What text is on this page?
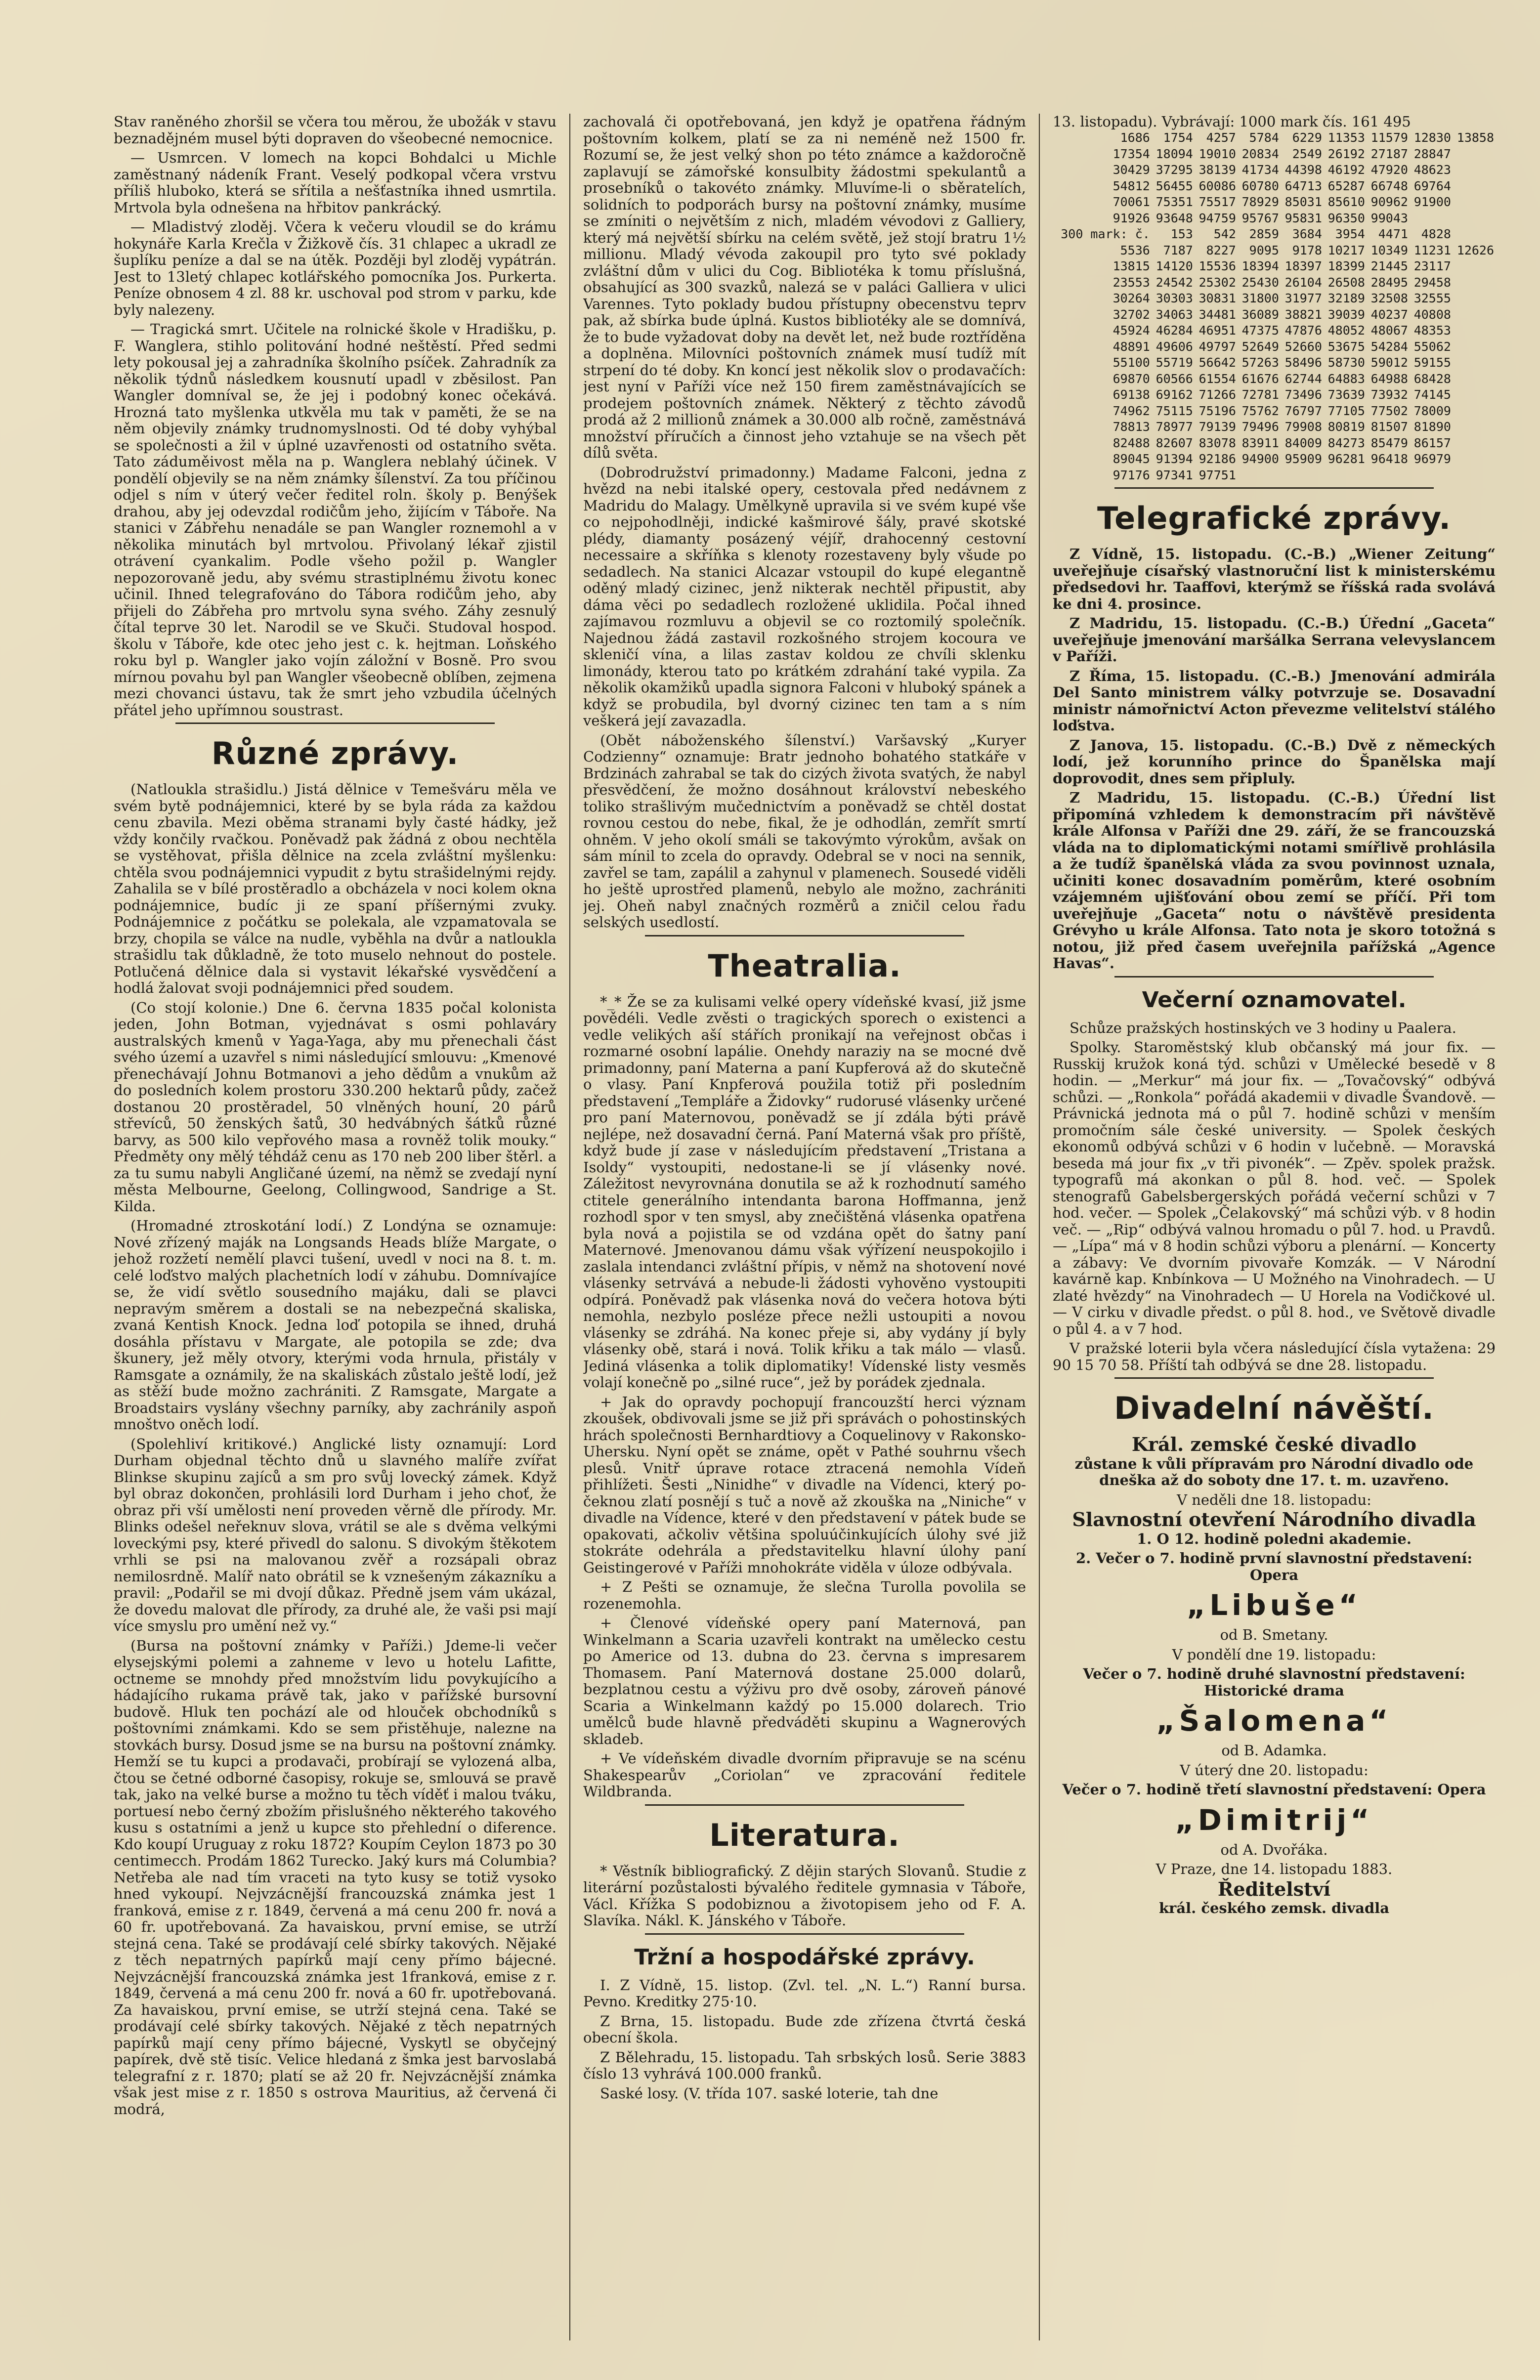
Stav raněného zhoršil se včera tou měrou, že ubožák v stavu beznadějném musel býti dopraven do všeobecné nemocnice.

— Usmrcen. V lomech na kopci Bohdalci u Michle zaměstnaný nádeník Frant. Veselý podkopal včera vrstvu příliš hluboko, která se sřítila a nešťastníka ihned usmrtila. Mrtvola byla odnešena na hřbitov pankrácký.

— Mladistvý zloděj. Včera k večeru vloudil se do krámu hokynáře Karla Krečla v Žižkově čís. 31 chlapec a ukradl ze šuplíku peníze a dal se na útěk. Později byl zloděj vypátrán. Jest to 13letý chlapec kotlářského pomocníka Jos. Purkerta. Peníze obnosem 4 zl. 88 kr. uschoval pod strom v parku, kde byly nalezeny.

— Tragická smrt. Učitele na rolnické škole v Hradišku, p. F. Wanglera, stihlo politování hodné neštěstí. Před sedmi lety pokousal jej a zahradníka školního psíček. Zahradník za několik týdnů následkem kousnutí upadl v zběsilost. Pan Wangler domníval se, že jej i podobný konec očekává. Hrozná tato myšlenka utkvěla mu tak v paměti, že se na něm objevily známky trudnomyslnosti. Od té doby vyhýbal se společnosti a žil v úplné uzavřenosti od ostatního světa. Tato záduměivost měla na p. Wanglera neblahý účinek. V pondělí objevily se na něm známky šílenství. Za tou příčinou odjel s ním v úterý večer ředitel roln. školy p. Benýšek drahou, aby jej odevzdal rodičům jeho, žijícím v Táboře. Na stanici v Zábřehu nenadále se pan Wangler roznemohl a v několika minutách byl mrtvolou. Přivolaný lékař zjistil otrávení cyankalim. Podle všeho požil p. Wangler nepozorovaně jedu, aby svému strastiplnému životu konec učinil. Ihned telegrafováno do Tábora rodičům jeho, aby přijeli do Zábřeha pro mrtvolu syna svého. Záhy zesnulý čítal teprve 30 let. Narodil se ve Skuči. Studoval hospod. školu v Táboře, kde otec jeho jest c. k. hejtman. Loňského roku byl p. Wangler jako vojín záložní v Bosně. Pro svou mírnou povahu byl pan Wangler všeobecně oblíben, zejmena mezi chovanci ústavu, tak že smrt jeho vzbudila účelných přátel jeho upřímnou soustrast.

Různé zprávy.

(Natloukla strašidlu.) Jistá dělnice v Temešváru měla ve svém bytě podnájemnici, které by se byla ráda za každou cenu zbavila. Mezi oběma stranami byly časté hádky, jež vždy končily rvačkou. Poněvadž pak žádná z obou nechtěla se vystěhovat, přišla dělnice na zcela zvláštní myšlenku: chtěla svou podnájemnici vypudit z bytu strašidelnými rejdy. Zahalila se v bílé prostěradlo a obcházela v noci kolem okna podnájemnice, budíc ji ze spaní příšernými zvuky. Podnájemnice z počátku se polekala, ale vzpamatovala se brzy, chopila se válce na nudle, vyběhla na dvůr a natloukla strašidlu tak důkladně, že toto muselo nehnout do postele. Potlučená dělnice dala si vystavit lékařské vysvědčení a hodlá žalovat svoji podnájemnici před soudem.

(Co stojí kolonie.) Dne 6. června 1835 počal kolonista jeden, John Botman, vyjednávat s osmi pohlaváry australských kmenů v Yaga-Yaga, aby mu přenechali část svého území a uzavřel s nimi následující smlouvu: „Kmenové přenechávají Johnu Botmanovi a jeho dědům a vnukům až do posledních kolem prostoru 330.200 hektarů půdy, začež dostanou 20 prostěradel, 50 vlněných houní, 20 párů střevíců, 50 ženských šatů, 30 hedvábných šátků různé barvy, as 500 kilo vepřového masa a rovněž tolik mouky.“ Předměty ony mělý téhdáž cenu as 170 neb 200 liber štěrl. a za tu sumu nabyli Angličané území, na němž se zvedají nyní města Melbourne, Geelong, Collingwood, Sandrige a St. Kilda.

(Hromadné ztroskotání lodí.) Z Londýna se oznamuje: Nové zřízený maják na Longsands Heads blíže Margate, o jehož rozžetí nemělí plavci tušení, uvedl v noci na 8. t. m. celé loďstvo malých plachetních lodí v záhubu. Domnívajíce se, že vidí světlo sousedního majáku, dali se plavci nepravým směrem a dostali se na nebezpečná skaliska, zvaná Kentish Knock. Jedna loď potopila se ihned, druhá dosáhla přístavu v Margate, ale potopila se zde; dva škunery, jež měly otvory, kterými voda hrnula, přistály v Ramsgate a oznámily, že na skaliskách zůstalo ještě lodí, jež as stěží bude možno zachrániti. Z Ramsgate, Margate a Broadstairs vyslány všechny parníky, aby zachránily aspoň mnoštvo oněch lodí.

(Spolehliví kritikové.) Anglické listy oznamují: Lord Durham objednal těchto dnů u slavného malíře zvířat Blinkse skupinu zajíců a sm pro svůj lovecký zámek. Když byl obraz dokončen, prohlásili lord Durham i jeho choť, že obraz při vší umělosti není proveden věrně dle přírody. Mr. Blinks odešel neřeknuv slova, vrátil se ale s dvěma velkými loveckými psy, které přivedl do salonu. S divokým štěkotem vrhli se psi na malovanou zvěř a rozsápali obraz nemilosrdně. Malíř nato obrátil se k vznešeným zákazníku a pravil: „Podařil se mi dvojí důkaz. Předně jsem vám ukázal, že dovedu malovat dle přírody, za druhé ale, že vaši psi mají více smyslu pro umění než vy.“

(Bursa na poštovní známky v Paříži.) Jdeme-li večer elysejskými polemi a zahneme v levo u hotelu Lafitte, octneme se mnohdy před množstvím lidu povykujícího a hádajícího rukama právě tak, jako v pařížské bursovní budově. Hluk ten pochází ale od hlouček obchodníků s poštovními známkami. Kdo se sem přistěhuje, nalezne na stovkách bursy. Dosud jsme se na bursu na poštovní známky. Hemží se tu kupci a prodavači, probírají se vylozená alba, čtou se četné odborné časopisy, rokuje se, smlouvá se pravě tak, jako na velké burse a možno tu těch víděť i malou tváku, portuesí nebo černý zbožím přislušného některého takového kusu s ostatními a jenž u kupce sto přehlední o diference. Kdo koupí Uruguay z roku 1872? Koupím Ceylon 1873 po 30 centimecch. Prodám 1862 Turecko. Jaký kurs má Columbia? Netřeba ale nad tím vraceti na tyto kusy se totiž vysoko hned vykoupí. Nejvzácnější francouzská známka jest 1 franková, emise z r. 1849, červená a má cenu 200 fr. nová a 60 fr. upotřebovaná. Za havaiskou, první emise, se utrží stejná cena. Také se prodávají celé sbírky takových. Nějaké z těch nepatrných papírků mají ceny přímo bájecné. Nejvzácnější francouzská známka jest 1franková, emise z r. 1849, červená a má cenu 200 fr. nová a 60 fr. upotřebovaná. Za havaiskou, první emise, se utrží stejná cena. Také se prodávají celé sbírky takových. Nějaké z těch nepatrných papírků mají ceny přímo bájecné, Vyskytl se obyčejný papírek, dvě stě tisíc. Velice hledaná z šmka jest barvoslabá telegrafní z r. 1870; platí se až 20 fr. Nejvzácnější známka však jest mise z r. 1850 s ostrova Mauritius, až červená či modrá,

zachovalá či opotřebovaná, jen když je opatřena řádným poštovním kolkem, platí se za ni neméně než 1500 fr. Rozumí se, že jest velký shon po této známce a každoročně zaplavují se zámořské konsulbity žádostmi spekulantů a prosebníků o takovéto známky. Mluvíme-li o sběratelích, solidních to podporách bursy na poštovní známky, musíme se zmíniti o největším z nich, mladém vévodovi z Galliery, který má největší sbírku na celém světě, jež stojí bratru 1½ millionu. Mladý vévoda zakoupil pro tyto své poklady zvláštní dům v ulici du Cog. Bibliotéka k tomu příslušná, obsahující as 300 svazků, nalezá se v paláci Galliera v ulici Varennes. Tyto poklady budou přístupny obecenstvu teprv pak, až sbírka bude úplná. Kustos bibliotéky ale se domnívá, že to bude vyžadovat doby na devět let, než bude roztříděna a doplněna. Milovníci poštovních známek musí tudíž mít strpení do té doby. Kn koncí jest několik slov o prodavačích: jest nyní v Paříži více než 150 firem zaměstnávajících se prodejem poštovních známek. Některý z těchto závodů prodá až 2 millionů známek a 30.000 alb ročně, zaměstnává množství příručích a činnost jeho vztahuje se na všech pět dílů světa.

(Dobrodružství primadonny.) Madame Falconi, jedna z hvězd na nebi italské opery, cestovala před nedávnem z Madridu do Malagy. Umělkyně upravila si ve svém kupé vše co nejpohodlněji, indické kašmirové šály, pravé skotské plédy, diamanty posázený véjíř, drahocenný cestovní necessaire a skříňka s klenoty rozestaveny byly všude po sedadlech. Na stanici Alcazar vstoupil do kupé elegantně oděný mladý cizinec, jenž nikterak nechtěl připustit, aby dáma věci po sedadlech rozložené uklidila. Počal ihned zajímavou rozmluvu a objevil se co roztomilý společník. Najednou žádá zastavil rozkošného strojem kocoura ve skleničí vína, a lilas zastav koldou ze chvíli sklenku limonády, kterou tato po krátkém zdrahání také vypila. Za několik okamžiků upadla signora Falconi v hluboký spánek a když se probudila, byl dvorný cizinec ten tam a s ním veškerá její zavazadla.

(Obět náboženského šílenství.) Varšavský „Kuryer Codzienny“ oznamuje: Bratr jednoho bohatého statkáře v Brdzinách zahrabal se tak do cizých života svatých, že nabyl přesvědčení, že možno dosáhnout království nebeského toliko strašlivým mučednictvím a poněvadž se chtěl dostat rovnou cestou do nebe, fikal, že je odhodlán, zemřít smrtí ohněm. V jeho okolí smáli se takovýmto výrokům, avšak on sám mínil to zcela do opravdy. Odebral se v noci na sennik, zavřel se tam, zapálil a zahynul v plamenech. Sousedé viděli ho ještě uprostřed plamenů, nebylo ale možno, zachrániti jej. Oheň nabyl značných rozměrů a zničil celou řadu selských usedlostí.

Theatralia.

*_* Že se za kulisami velké opery vídeňské kvasí, již jsme povědéli. Vedle zvěsti o tragických sporech o existenci a vedle velikých aší stářích pronikají na veřejnost občas i rozmarné osobní lapálie. Onehdy naraziy na se mocné dvě primadonny, paní Materna a paní Kupferová až do skutečně o vlasy. Paní Knpferová použila totiž při posledním představení „Templáře a Židovky“ rudorusé vlásenky určené pro paní Maternovou, poněvadž se jí zdála býti právě nejlépe, než dosavadní černá. Paní Materná však pro příště, když bude jí zase v následujícím představení „Tristana a Isoldy“ vystoupiti, nedostane-li se jí vlásenky nové. Záležitost nevyrovnána donutila se až k rozhodnutí samého ctitele generálního intendanta barona Hoffmanna, jenž rozhodl spor v ten smysl, aby znečištěná vlásenka opatřena byla nová a pojistila se od vzdána opět do šatny paní Maternové. Jmenovanou dámu však výřízení neuspokojilo i zaslala intendanci zvláštní přípis, v němž na shotovení nové vlásenky setrvává a nebude-li žádosti vyhověno vystoupiti odpírá. Poněvadž pak vlásenka nová do večera hotova býti nemohla, nezbylo posléze přece nežli ustoupiti a novou vlásenky se zdráhá. Na konec přeje si, aby vydány jí byly vlásenky obě, stará i nová. Tolik křiku a tak málo — vlasů. Jediná vlásenka a tolik diplomatiky! Vídenské listy vesměs volají konečně po „silné ruce“, jež by porádek zjednala.

+ Jak do opravdy pochopují francouzští herci význam zkoušek, obdivovali jsme se již při správách o pohostinských hrách společnosti Bernhardtiovy a Coquelinovy v Rakonsko-Uhersku. Nyní opět se známe, opět v Pathé souhrnu všech plesů. Vnitř úprave rotace ztracená nemohla Vídeň přihlížeti. Šesti „Ninidhe“ v divadle na Vídenci, který po-čeknou zlatí posnějí s tuč a nově až zkouška na „Niniche“ v divadle na Vídence, které v den představení v pátek bude se opakovati, ačkoliv většina spoluúčinkujících úlohy své již stokráte odehrála a představitelku hlavní úlohy paní Geistingerové v Paříži mnohokráte viděla v úloze odbývala.

+ Z Pešti se oznamuje, že slečna Turolla povolila se rozenemohla.

+ Členové vídeňské opery paní Maternová, pan Winkelmann a Scaria uzavřeli kontrakt na umělecko cestu po Americe od 13. dubna do 23. června s impresarem Thomasem. Paní Maternová dostane 25.000 dolarů, bezplatnou cestu a výživu pro dvě osoby, zároveň pánové Scaria a Winkelmann každý po 15.000 dolarech. Trio umělců bude hlavně předváděti skupinu a Wagnerových skladeb.

+ Ve vídeňském divadle dvorním připravuje se na scénu Shakespearův „Coriolan“ ve zpracování ředitele Wildbranda.

Literatura.

* Věstník bibliografický. Z dějin starých Slovanů. Studie z literární pozůstalosti bývalého ředitele gymnasia v Táboře, Václ. Křížka S podobiznou a životopisem jeho od F. A. Slavíka. Nákl. K. Jánského v Táboře.

Tržní a hospodářské zprávy.

I. Z Vídně, 15. listop. (Zvl. tel. „N. L.“) Ranní bursa. Pevno. Kreditky 275·10.

Z Brna, 15. listopadu. Bude zde zřízena čtvrtá česká obecní škola.

Z Bělehradu, 15. listopadu. Tah srbských losů. Serie 3883 číslo 13 vyhrává 100.000 franků.

Saské losy. (V. třída 107. saské loterie, tah dne

13. listopadu). Vybrávají: 1000 mark čís. 161 495
1686	1754	4257	5784	6229	11353	11579	12830	13858
17354	18094	19010	20834	2549	26192	27187	28847	
30429	37295	38139	41734	44398	46192	47920	48623	
54812	56455	60086	60780	64713	65287	66748	69764	
70061	75351	75517	78929	85031	85610	90962	91900	
91926	93648	94759	95767	95831	96350	99043		
300 mark: č.	153	542	2859	3684	3954	4471	4828	
5536	7187	8227	9095	9178	10217	10349	11231	12626
13815	14120	15536	18394	18397	18399	21445	23117	
23553	24542	25302	25430	26104	26508	28495	29458	
30264	30303	30831	31800	31977	32189	32508	32555	
32702	34063	34481	36089	38821	39039	40237	40808	
45924	46284	46951	47375	47876	48052	48067	48353	
48891	49606	49797	52649	52660	53675	54284	55062	
55100	55719	56642	57263	58496	58730	59012	59155	
69870	60566	61554	61676	62744	64883	64988	68428	
69138	69162	71266	72781	73496	73639	73932	74145	
74962	75115	75196	75762	76797	77105	77502	78009	
78813	78977	79139	79496	79908	80819	81507	81890	
82488	82607	83078	83911	84009	84273	85479	86157	
89045	91394	92186	94900	95909	96281	96418	96979	
97176	97341	97751						
Telegrafické zprávy.

Z Vídně, 15. listopadu. (C.-B.) „Wiener Zeitung“ uveřejňuje císařský vlastnoruční list k ministerskému předsedovi hr. Taaffovi, kterýmž se říšská rada svolává ke dni 4. prosince.

Z Madridu, 15. listopadu. (C.-B.) Úřední „Gaceta“ uveřejňuje jmenování maršálka Serrana velevyslancem v Paříži.

Z Říma, 15. listopadu. (C.-B.) Jmenování admirála Del Santo ministrem války potvrzuje se. Dosavadní ministr námořnictví Acton převezme velitelství stálého loďstva.

Z Janova, 15. listopadu. (C.-B.) Dvě z německých lodí, jež korunního prince do Španělska mají doprovodit, dnes sem připluly.

Z Madridu, 15. listopadu. (C.-B.) Úřední list připomíná vzhledem k demonstracím při návštěvě krále Alfonsa v Paříži dne 29. září, že se francouzská vláda na to diplomatickými notami smířlivě prohlásila a že tudíž španělská vláda za svou povinnost uznala, učiniti konec dosavadním poměrům, které osobním vzájemném ujišťování obou zemí se příčí. Při tom uveřejňuje „Gaceta“ notu o návštěvě presidenta Grévyho u krále Alfonsa. Tato nota je skoro totožná s notou, již před časem uveřejnila pařížská „Agence Havas“.

Večerní oznamovatel.

Schůze pražských hostinských ve 3 hodiny u Paalera.

Spolky. Staroměstský klub občanský má jour fix. — Russkij kružok koná týd. schůzi v Umělecké besedě v 8 hodin. — „Merkur“ má jour fix. — „Tovačovský“ odbývá schůzi. — „Ronkola“ pořádá akademii v divadle Švandově. — Právnická jednota má o půl 7. hodině schůzi v menším promočním sále české university. — Spolek českých ekonomů odbývá schůzi v 6 hodin v lučebně. — Moravská beseda má jour fix „v tři pivonék“. — Zpěv. spolek pražsk. typografů má akonkan o půl 8. hod. več. — Spolek stenografů Gabelsbergerských pořádá večerní schůzi v 7 hod. večer. — Spolek „Čelakovský“ má schůzi výb. v 8 hodin več. — „Rip“ odbývá valnou hromadu o půl 7. hod. u Pravdů. — „Lípa“ má v 8 hodin schůzi výboru a plenární. — Koncerty a zábavy: Ve dvorním pivovaře Komzák. — V Národní kavárně kap. Knbínkova — U Možného na Vinohradech. — U zlaté hvězdy“ na Vinohradech — U Horela na Vodičkové ul. — V cirku v divadle předst. o půl 8. hod., ve Světově divadle o půl 4. a v 7 hod.

V pražské loterii byla včera následující čísla vytažena: 29 90 15 70 58. Příští tah odbývá se dne 28. listopadu.

Divadelní návěští.

Král. zemské české divadlo

zůstane k vůli přípravám pro Národní divadlo ode dneška až do soboty dne 17. t. m. uzavřeno.

V neděli dne 18. listopadu:

Slavnostní otevření Národního divadla

1. O 12. hodině poledni akademie.

2. Večer o 7. hodině první slavnostní představení: Opera

„Libuše“

od B. Smetany.

V pondělí dne 19. listopadu:

Večer o 7. hodině druhé slavnostní představení: Historické drama

„Šalomena“

od B. Adamka.

V úterý dne 20. listopadu:

Večer o 7. hodině třetí slavnostní představení: Opera

„Dimitrij“

od A. Dvořáka.

V Praze, dne 14. listopadu 1883.

Ředitelství

král. českého zemsk. divadla
